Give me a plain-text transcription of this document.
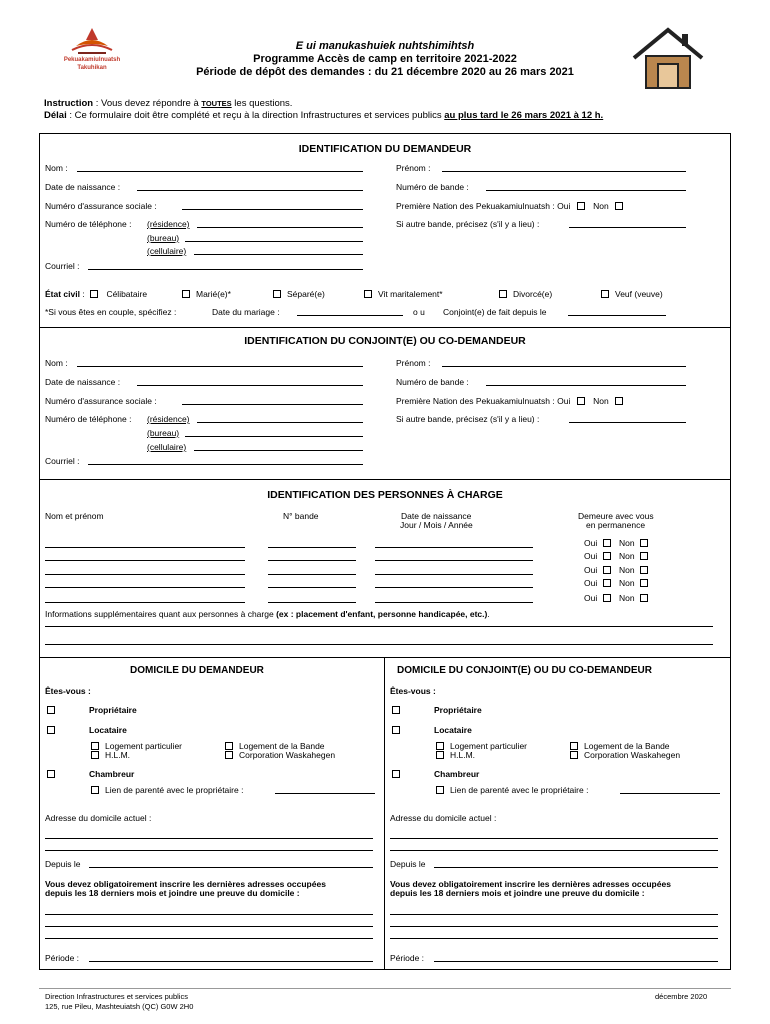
Pekuakamiulnuatsh
Takuhikan
E ui manukashuiek nuhtshimihtsh
Programme Accès de camp en territoire 2021-2022
Période de dépôt des demandes : du 21 décembre 2020 au 26 mars 2021
Instruction : Vous devez répondre à TOUTES les questions.
Délai : Ce formulaire doit être complété et reçu à la direction Infrastructures et services publics au plus tard le 26 mars 2021 à 12 h.
IDENTIFICATION DU DEMANDEUR
Nom :	Prénom :
Date de naissance :	Numéro de bande :
Numéro d'assurance sociale :	Première Nation des Pekuakamiulnuatsh : Oui	Non
Numéro de téléphone : (résidence)
(bureau)
(cellulaire)
Si autre bande, précisez (s'il y a lieu) :
Courriel :
État civil :  Célibataire	Marié(e)*	Séparé(e)	Vit maritalement*	Divorcé(e)	Veuf (veuve)
*Si vous êtes en couple, spécifiez :	Date du mariage :	o u Conjoint(e) de fait depuis le
IDENTIFICATION DU CONJOINT(E) OU CO-DEMANDEUR
Nom :	Prénom :
Date de naissance :	Numéro de bande :
Numéro d'assurance sociale :	Première Nation des Pekuakamiulnuatsh : Oui	Non
Numéro de téléphone : (résidence)
(bureau)
(cellulaire)
Si autre bande, précisez (s'il y a lieu) :
Courriel :
IDENTIFICATION DES PERSONNES À CHARGE
Nom et prénom	N° bande	Date de naissance
Jour / Mois / Année
Demeure avec vous
en permanence
Oui	Non
Oui	Non
Oui	Non
Oui	Non
Oui	Non
Informations supplémentaires quant aux personnes à charge (ex : placement d'enfant, personne handicapée, etc.).
DOMICILE DU DEMANDEUR
Êtes-vous :
Propriétaire
Locataire
Logement particulier
H.L.M.
Logement de la Bande
Corporation Waskahegen
Chambreur
Lien de parenté avec le propriétaire :
Adresse du domicile actuel :
Depuis le
Vous devez obligatoirement inscrire les dernières adresses occupées
depuis les 18 derniers mois et joindre une preuve du domicile :
Période :
DOMICILE DU CONJOINT(E) OU DU CO-DEMANDEUR
Êtes-vous :
Propriétaire
Locataire
Logement particulier
H.L.M.
Logement de la Bande
Corporation Waskahegen
Chambreur
Lien de parenté avec le propriétaire :
Adresse du domicile actuel :
Depuis le
Vous devez obligatoirement inscrire les dernières adresses occupées
depuis les 18 derniers mois et joindre une preuve du domicile :
Période :
Direction Infrastructures et services publics
125, rue Pileu, Mashteuiatsh (QC) G0W 2H0
décembre 2020
